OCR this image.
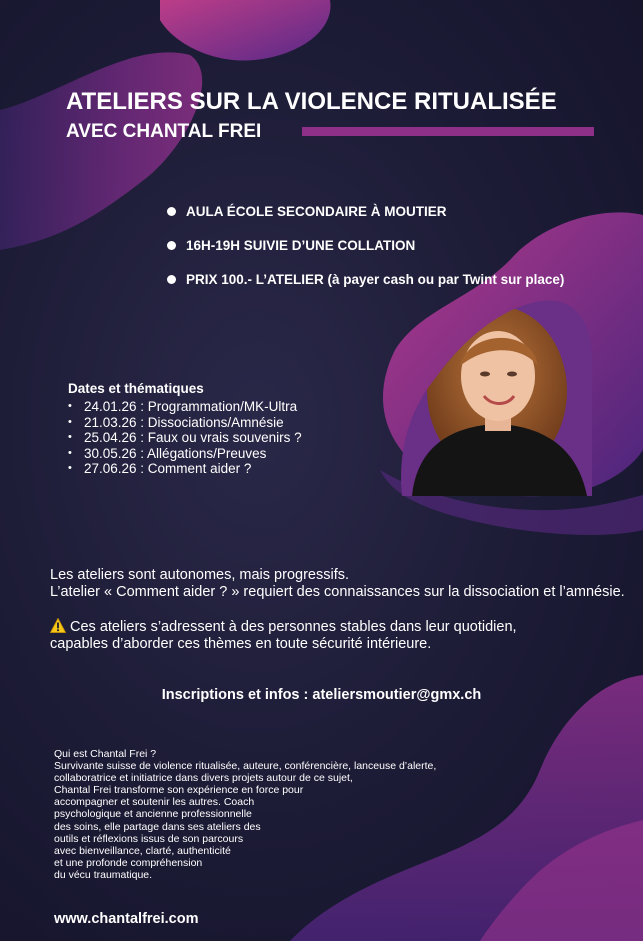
ATELIERS SUR LA VIOLENCE RITUALISÉE
AVEC CHANTAL FREI
AULA ÉCOLE SECONDAIRE À MOUTIER
16H-19H SUIVIE D’UNE COLLATION
PRIX 100.- L’ATELIER (à payer cash ou par Twint sur place)
Dates et thématiques
• 24.01.26 : Programmation/MK-Ultra
• 21.03.26 : Dissociations/Amnésie
• 25.04.26 : Faux ou vrais souvenirs ?
• 30.05.26 : Allégations/Preuves
• 27.06.26 : Comment aider ?

Les ateliers sont autonomes, mais progressifs.

L’atelier « Comment aider ? » requiert des connaissances sur la dissociation et l’amnésie.

Ces ateliers s’adressent à des personnes stables dans leur quotidien,

capables d’aborder ces thèmes en toute sécurité intérieure.

Inscriptions et infos : ateliersmoutier@gmx.ch
Qui est Chantal Frei ?
Survivante suisse de violence ritualisée, auteure, conférencière, lanceuse d’alerte,
collaboratrice et initiatrice dans divers projets autour de ce sujet,
Chantal Frei transforme son expérience en force pour
accompagner et soutenir les autres. Coach
psychologique et ancienne professionnelle
des soins, elle partage dans ses ateliers des
outils et réflexions issus de son parcours
avec bienveillance, clarté, authenticité
et une profonde compréhension
du vécu traumatique.
www.chantalfrei.com
